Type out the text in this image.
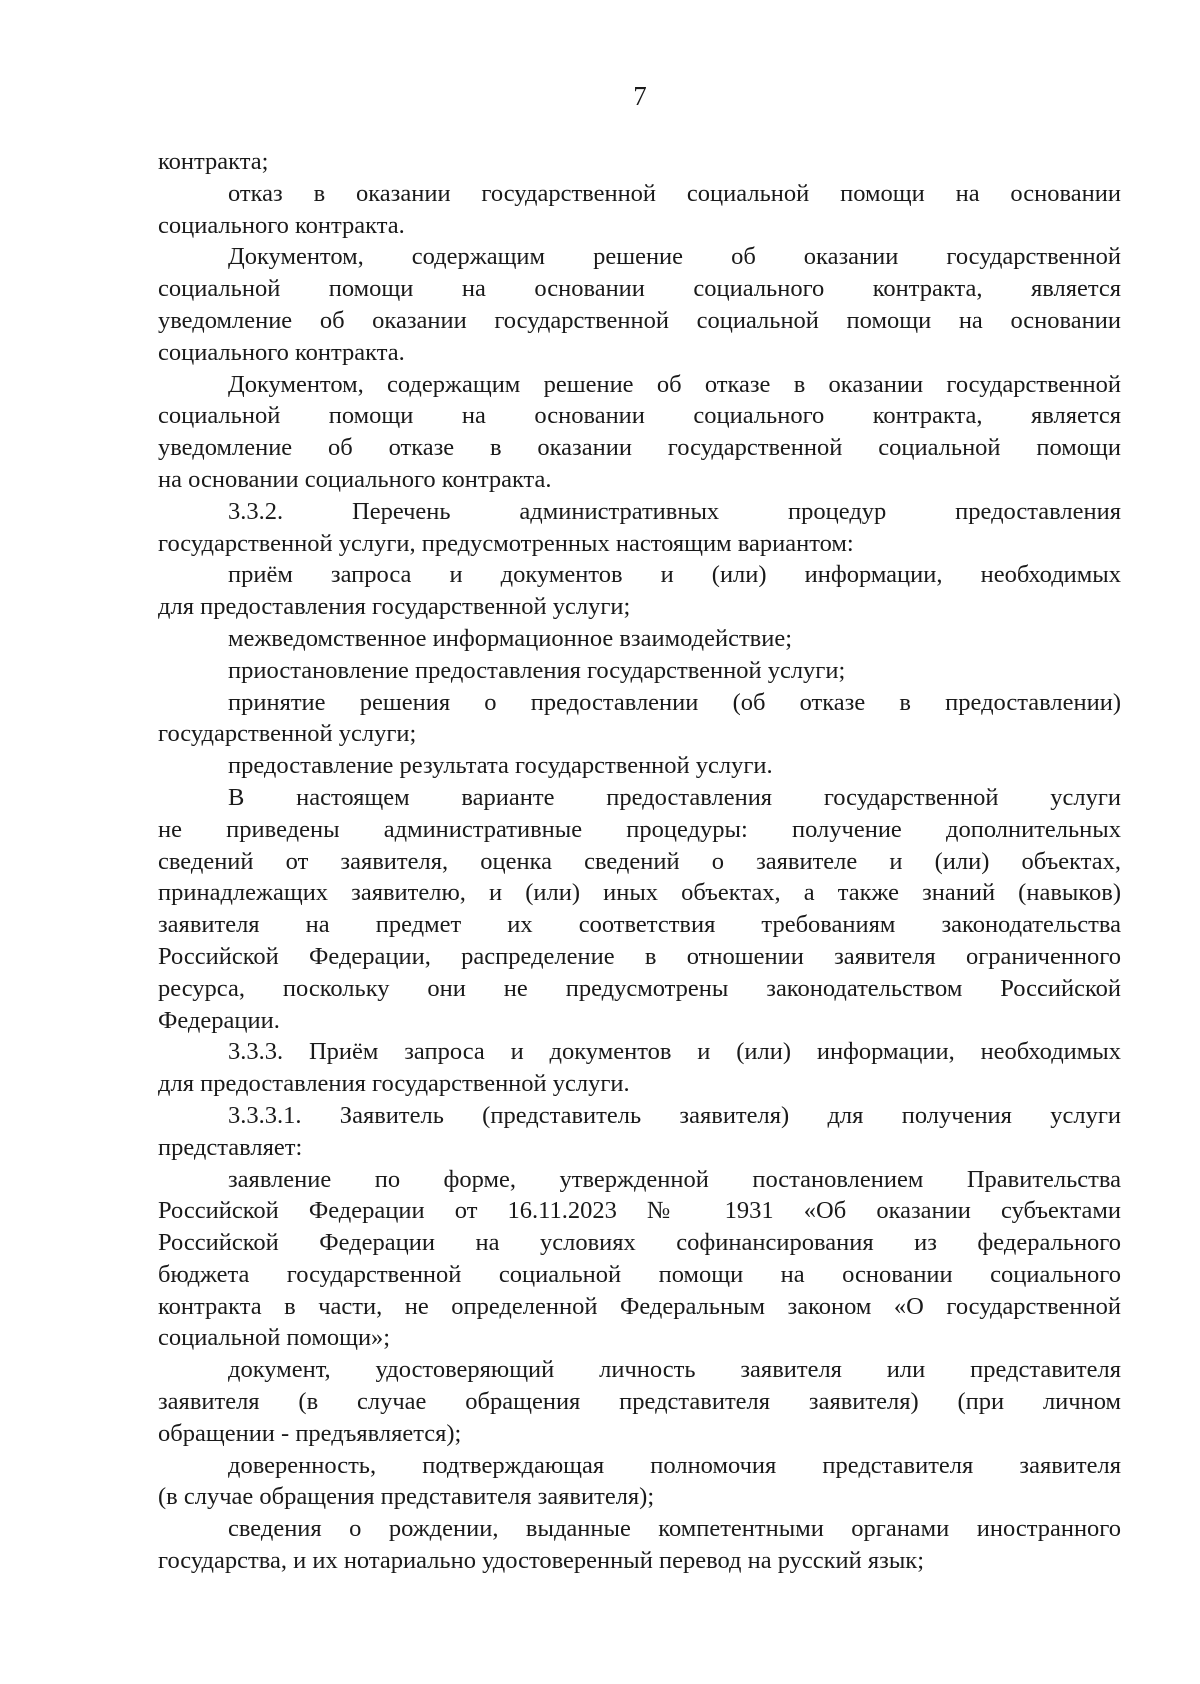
7
контракта;
отказ в оказании государственной социальной помощи на основании
социального контракта.
Документом, содержащим решение об оказании государственной
социальной помощи на основании социального контракта, является
уведомление об оказании государственной социальной помощи на основании
социального контракта.
Документом, содержащим решение об отказе в оказании государственной
социальной помощи на основании социального контракта, является
уведомление об отказе в оказании государственной социальной помощи
на основании социального контракта.
3.3.2. Перечень административных процедур предоставления
государственной услуги, предусмотренных настоящим вариантом:
приём запроса и документов и (или) информации, необходимых
для предоставления государственной услуги;
межведомственное информационное взаимодействие;
приостановление предоставления государственной услуги;
принятие решения о предоставлении (об отказе в предоставлении)
государственной услуги;
предоставление результата государственной услуги.
В настоящем варианте предоставления государственной услуги
не приведены административные процедуры: получение дополнительных
сведений от заявителя, оценка сведений о заявителе и (или) объектах,
принадлежащих заявителю, и (или) иных объектах, а также знаний (навыков)
заявителя на предмет их соответствия требованиям законодательства
Российской Федерации, распределение в отношении заявителя ограниченного
ресурса, поскольку они не предусмотрены законодательством Российской
Федерации.
3.3.3. Приём запроса и документов и (или) информации, необходимых
для предоставления государственной услуги.
3.3.3.1. Заявитель (представитель заявителя) для получения услуги
представляет:
заявление по форме, утвержденной постановлением Правительства
Российской Федерации от 16.11.2023 № 1931 «Об оказании субъектами
Российской Федерации на условиях софинансирования из федерального
бюджета государственной социальной помощи на основании социального
контракта в части, не определенной Федеральным законом «О государственной
социальной помощи»;
документ, удостоверяющий личность заявителя или представителя
заявителя (в случае обращения представителя заявителя) (при личном
обращении - предъявляется);
доверенность, подтверждающая полномочия представителя заявителя
(в случае обращения представителя заявителя);
сведения о рождении, выданные компетентными органами иностранного
государства, и их нотариально удостоверенный перевод на русский язык;
